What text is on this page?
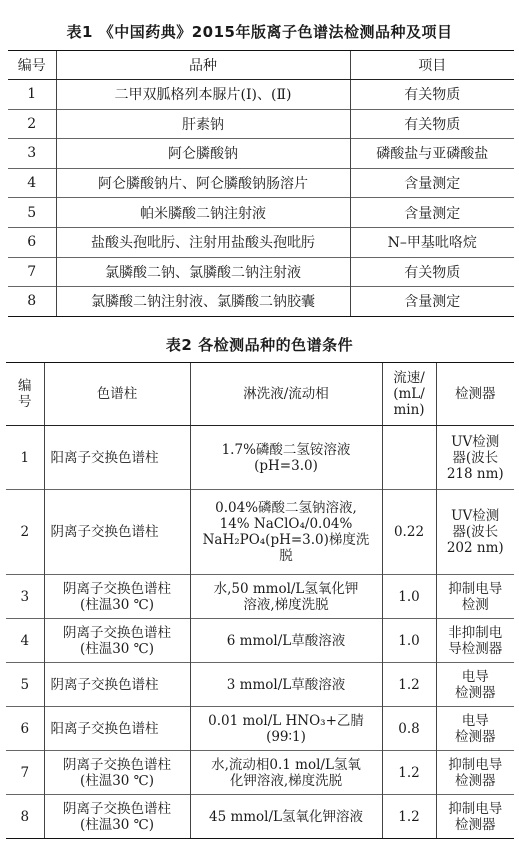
表1 《中国药典》2015年版离子色谱法检测品种及项目
编号	品种	项目

1	二甲双胍格列本脲片(Ⅰ)、(Ⅱ)	有关物质

2	肝素钠	有关物质

3	阿仑膦酸钠	磷酸盐与亚磷酸盐

4	阿仑膦酸钠片、阿仑膦酸钠肠溶片	含量测定

5	帕米膦酸二钠注射液	含量测定

6	盐酸头孢吡肟、注射用盐酸头孢吡肟	N–甲基吡咯烷

7	氯膦酸二钠、氯膦酸二钠注射液	有关物质

8	氯膦酸二钠注射液、氯膦酸二钠胶囊	含量测定
表2 各检测品种的色谱条件
编
号	色谱柱	淋洗液/流动相	流速/
(mL/
min)	检测器

1	阳离子交换色谱柱	1.7%磷酸二氢铵溶液
(pH=3.0)		UV检测
器(波长
218 nm)

2	阴离子交换色谱柱	0.04%磷酸二氢钠溶液,
14% NaClO₄/0.04%
NaH₂PO₄(pH=3.0)梯度洗
脱	0.22	UV检测
器(波长
202 nm)

3	阴离子交换色谱柱
(柱温30 ℃)	水,50 mmol/L氢氧化钾
溶液,梯度洗脱	1.0	抑制电导
检测

4	阴离子交换色谱柱
(柱温30 ℃)	6 mmol/L草酸溶液	1.0	非抑制电
导检测器

5	阴离子交换色谱柱	3 mmol/L草酸溶液	1.2	电导
检测器

6	阳离子交换色谱柱	0.01 mol/L HNO₃+乙腈
(99∶1)	0.8	电导
检测器

7	阴离子交换色谱柱
(柱温30 ℃)	水,流动相0.1 mol/L氢氧
化钾溶液,梯度洗脱	1.2	抑制电导
检测器

8	阴离子交换色谱柱
(柱温30 ℃)	45 mmol/L氢氧化钾溶液	1.2	抑制电导
检测器
